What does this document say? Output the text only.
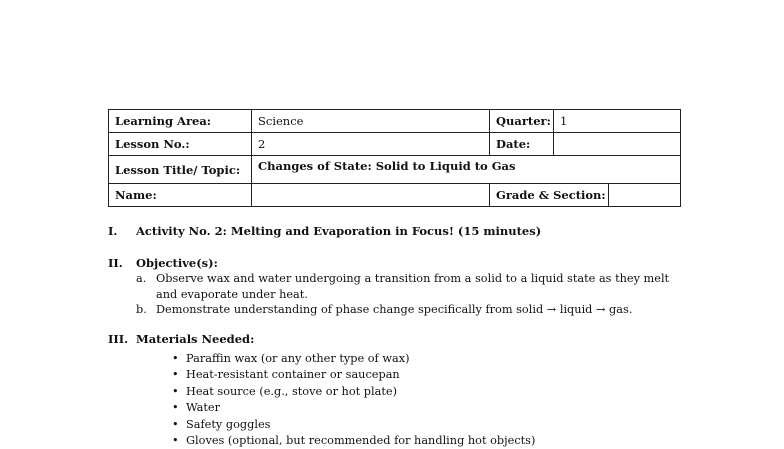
Learning Area:	Science	Quarter:	1	
Lesson No.:	2	Date:		
Lesson Title/ Topic:	Changes of State: Solid to Liquid to Gas			
Name:		Grade & Section:		
I. Activity No. 2: Melting and Evaporation in Focus! (15 minutes)
II. Objective(s):
a. Observe wax and water undergoing a transition from a solid to a liquid state as they melt
and evaporate under heat.
b. Demonstrate understanding of phase change specifically from solid → liquid → gas.
III. Materials Needed:
• Paraffin wax (or any other type of wax)
• Heat-resistant container or saucepan
• Heat source (e.g., stove or hot plate)
• Water
• Safety goggles
• Gloves (optional, but recommended for handling hot objects)
